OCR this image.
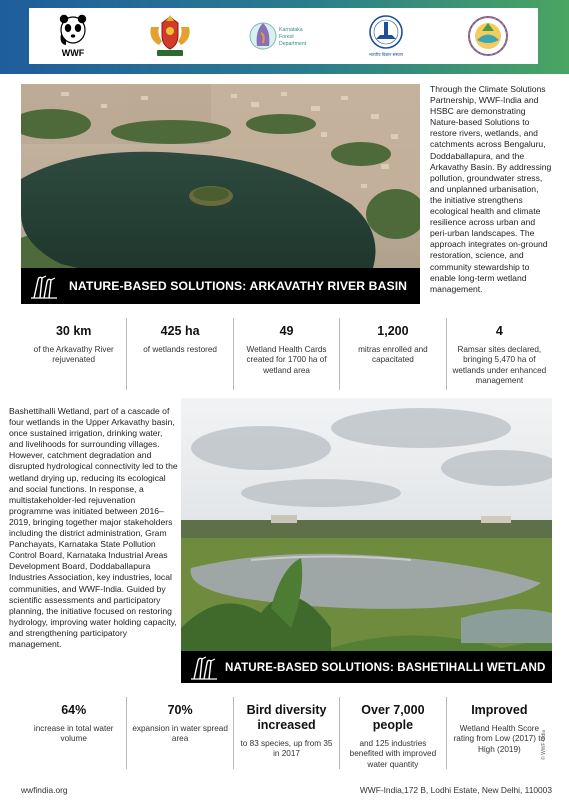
WWF
Karnataka
Forest
Department
भारतीय विज्ञान संस्थान
NATURE-BASED SOLUTIONS: ARKAVATHY RIVER BASIN

Through the Climate Solutions Partnership, WWF-India and HSBC are demonstrating Nature-based Solutions to restore rivers, wetlands, and catchments across Bengaluru, Doddaballapura, and the Arkavathy Basin. By addressing pollution, groundwater stress, and unplanned urbanisation, the initiative strengthens ecological health and climate resilience across urban and peri-urban landscapes. The approach integrates on-ground restoration, science, and community stewardship to enable long-term wetland management.

30 km
of the Arkavathy River rejuvenated
425 ha
of wetlands restored
49
Wetland Health Cards created for 1700 ha of wetland area
1,200
mitras enrolled and capacitated
4
Ramsar sites declared, bringing 5,470 ha of wetlands under enhanced management

Bashettihalli Wetland, part of a cascade of four wetlands in the Upper Arkavathy basin, once sustained irrigation, drinking water, and livelihoods for surrounding villages. However, catchment degradation and disrupted hydrological connectivity led to the wetland drying up, reducing its ecological and social functions. In response, a multistakeholder-led rejuvenation programme was initiated between 2016–2019, bringing together major stakeholders including the district administration, Gram Panchayats, Karnataka State Pollution Control Board, Karnataka Industrial Areas Development Board, Doddaballapura Industries Association, key industries, local communities, and WWF-India. Guided by scientific assessments and participatory planning, the initiative focused on restoring hydrology, improving water holding capacity, and strengthening participatory management.

NATURE-BASED SOLUTIONS: BASHETIHALLI WETLAND
64%
increase in total water volume
70%
expansion in water spread area
Bird diversity increased
to 83 species, up from 35 in 2017
Over 7,000 people
and 125 industries benefited with improved water quantity
Improved
Wetland Health Score rating from Low (2017) to High (2019)	© WWF-India
wwfindia.org	WWF-India,172 B, Lodhi Estate, New Delhi, 110003
